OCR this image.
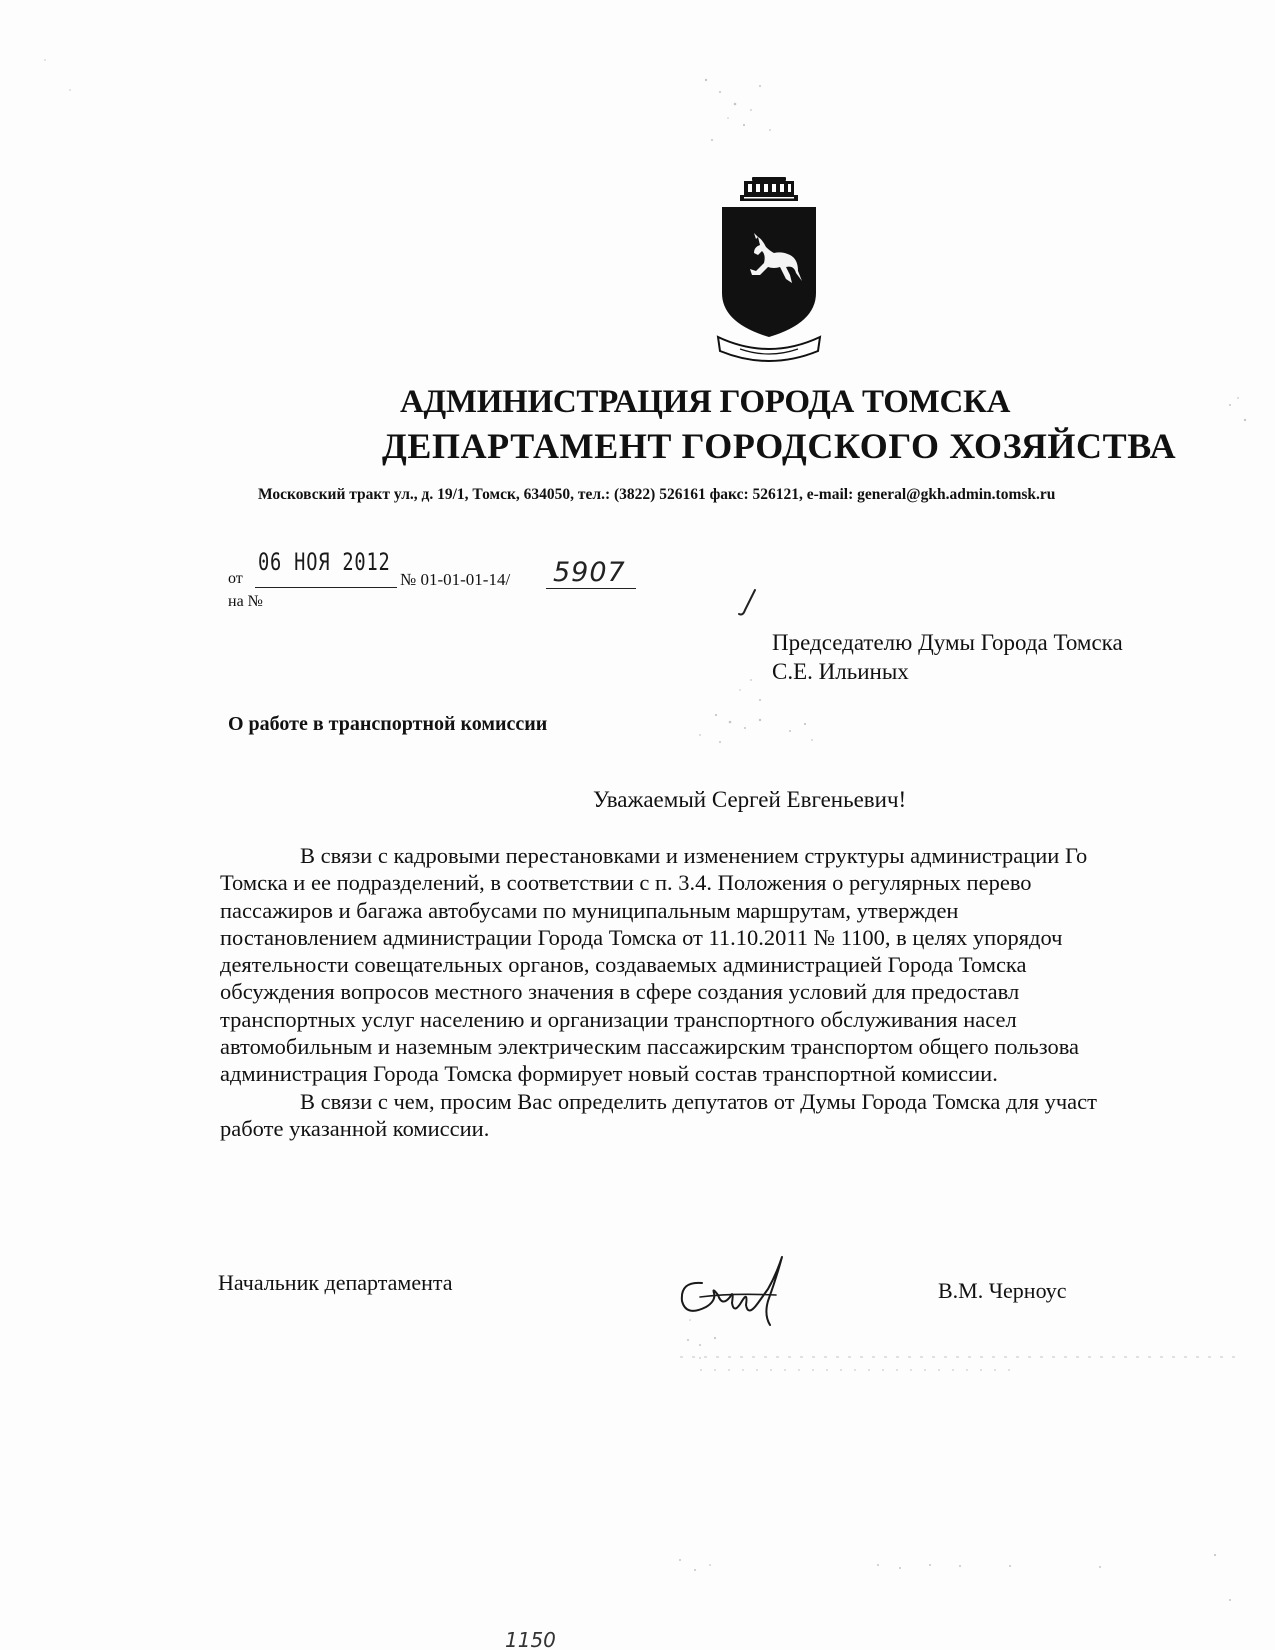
АДМИНИСТРАЦИЯ ГОРОДА ТОМСКА
ДЕПАРТАМЕНТ ГОРОДСКОГО ХОЗЯЙСТВА
Московский тракт ул., д. 19/1, Томск, 634050, тел.: (3822) 526161 факс: 526121, e-mail: general@gkh.admin.tomsk.ru
от
на №
06 НОЯ 2012
№ 01-01-01-14/ 5907
Председателю Думы Города Томска
С.Е. Ильиных
О работе в транспортной комиссии
Уважаемый Сергей Евгеньевич!
В связи с кадровыми перестановками и изменением структуры администрации Го
Томска и ее подразделений, в соответствии с п. 3.4. Положения о регулярных перево
пассажиров и багажа автобусами по муниципальным маршрутам, утвержден
постановлением администрации Города Томска от 11.10.2011 № 1100, в целях упорядоч
деятельности совещательных органов, создаваемых администрацией Города Томска
обсуждения вопросов местного значения в сфере создания условий для предоставл
транспортных услуг населению и организации транспортного обслуживания насел
автомобильным и наземным электрическим пассажирским транспортом общего пользова
администрация Города Томска формирует новый состав транспортной комиссии.
В связи с чем, просим Вас определить депутатов от Думы Города Томска для участ
работе указанной комиссии.
Начальник департамента	В.М. Черноус
1150
